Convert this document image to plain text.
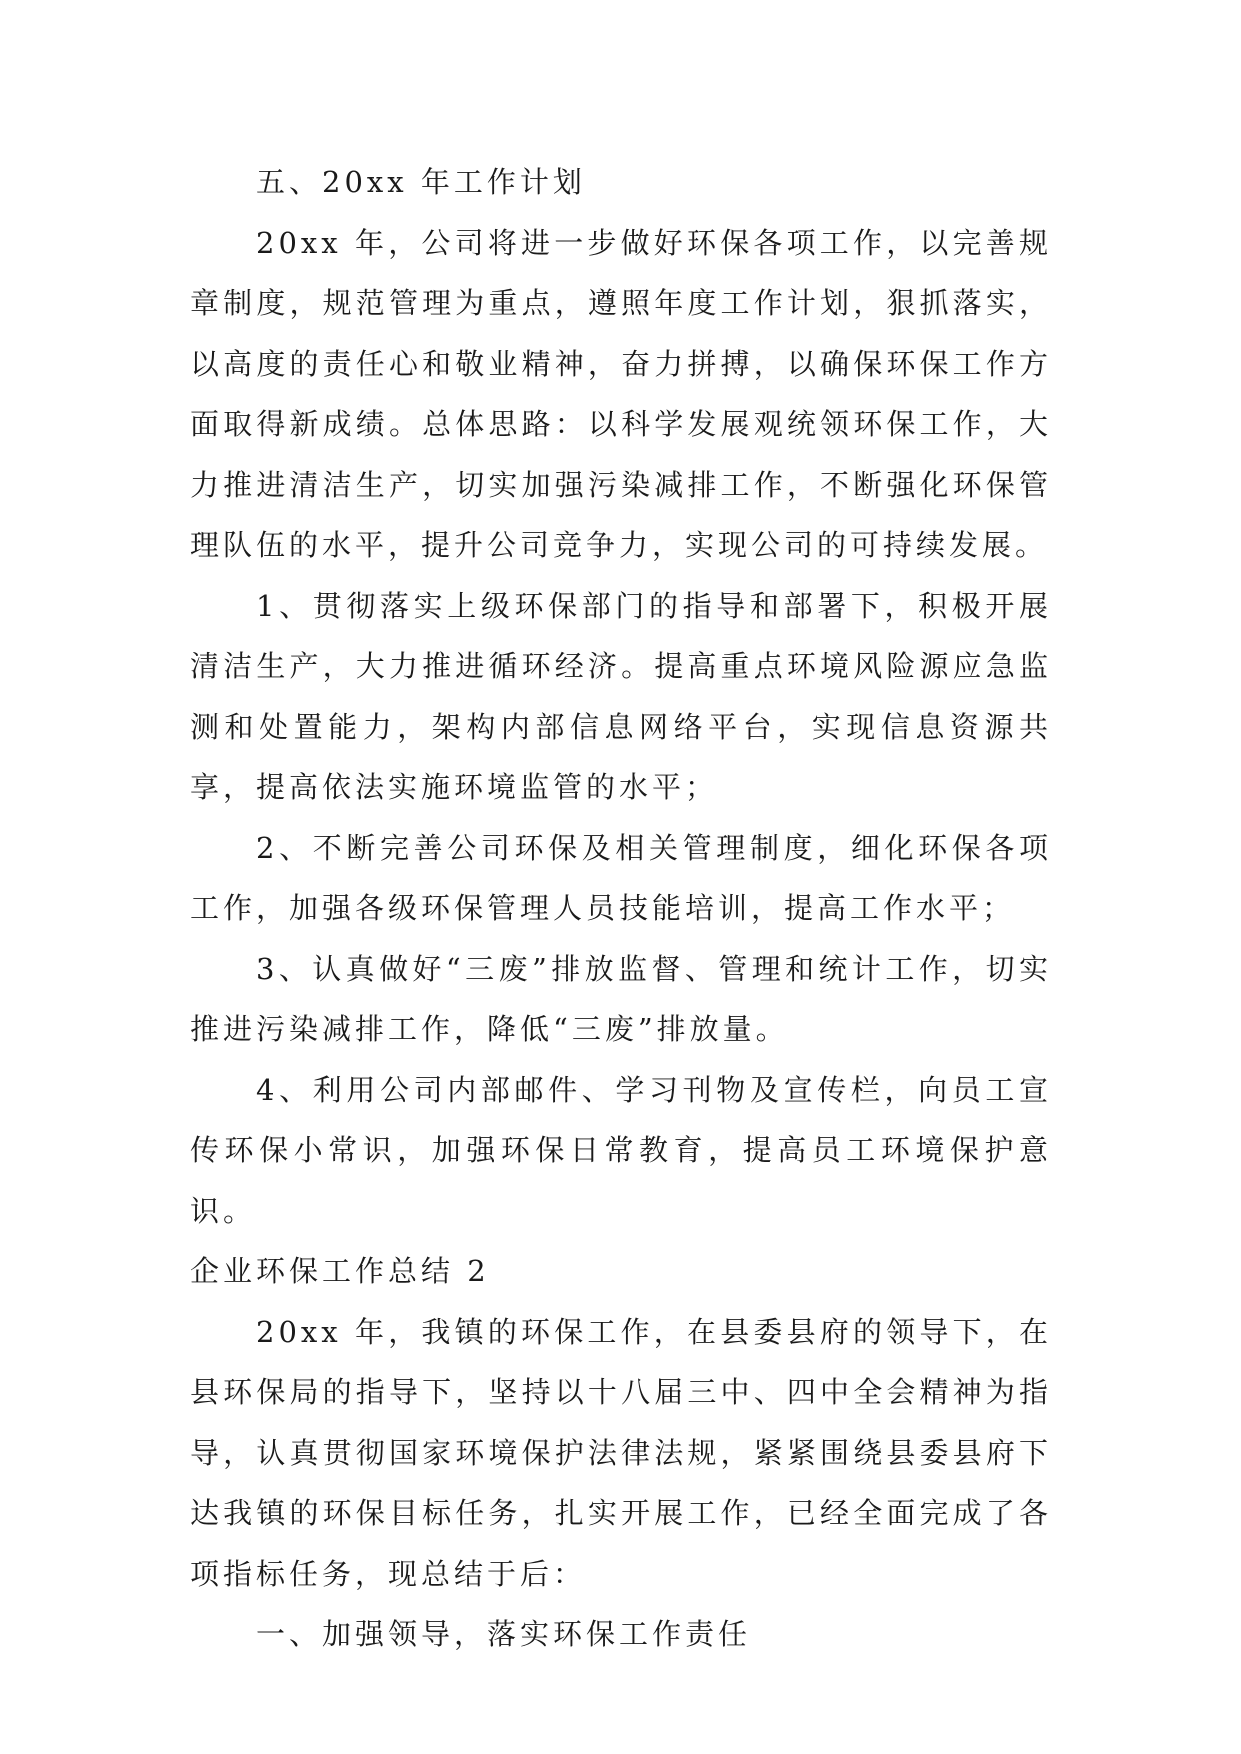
五、20xx 年工作计划

20xx 年，公司将进一步做好环保各项工作，以完善规章制度，规范管理为重点，遵照年度工作计划，狠抓落实，以高度的责任心和敬业精神，奋力拼搏，以确保环保工作方面取得新成绩。总体思路：以科学发展观统领环保工作，大力推进清洁生产，切实加强污染减排工作，不断强化环保管理队伍的水平，提升公司竞争力，实现公司的可持续发展。

1、贯彻落实上级环保部门的指导和部署下，积极开展清洁生产，大力推进循环经济。提高重点环境风险源应急监测和处置能力，架构内部信息网络平台，实现信息资源共享，提高依法实施环境监管的水平；

2、不断完善公司环保及相关管理制度，细化环保各项工作，加强各级环保管理人员技能培训，提高工作水平；

3、认真做好“三废”排放监督、管理和统计工作，切实推进污染减排工作，降低“三废”排放量。

4、利用公司内部邮件、学习刊物及宣传栏，向员工宣传环保小常识，加强环保日常教育，提高员工环境保护意识。

企业环保工作总结 2

20xx 年，我镇的环保工作，在县委县府的领导下，在县环保局的指导下，坚持以十八届三中、四中全会精神为指导，认真贯彻国家环境保护法律法规，紧紧围绕县委县府下达我镇的环保目标任务，扎实开展工作，已经全面完成了各项指标任务，现总结于后：

一、加强领导，落实环保工作责任
